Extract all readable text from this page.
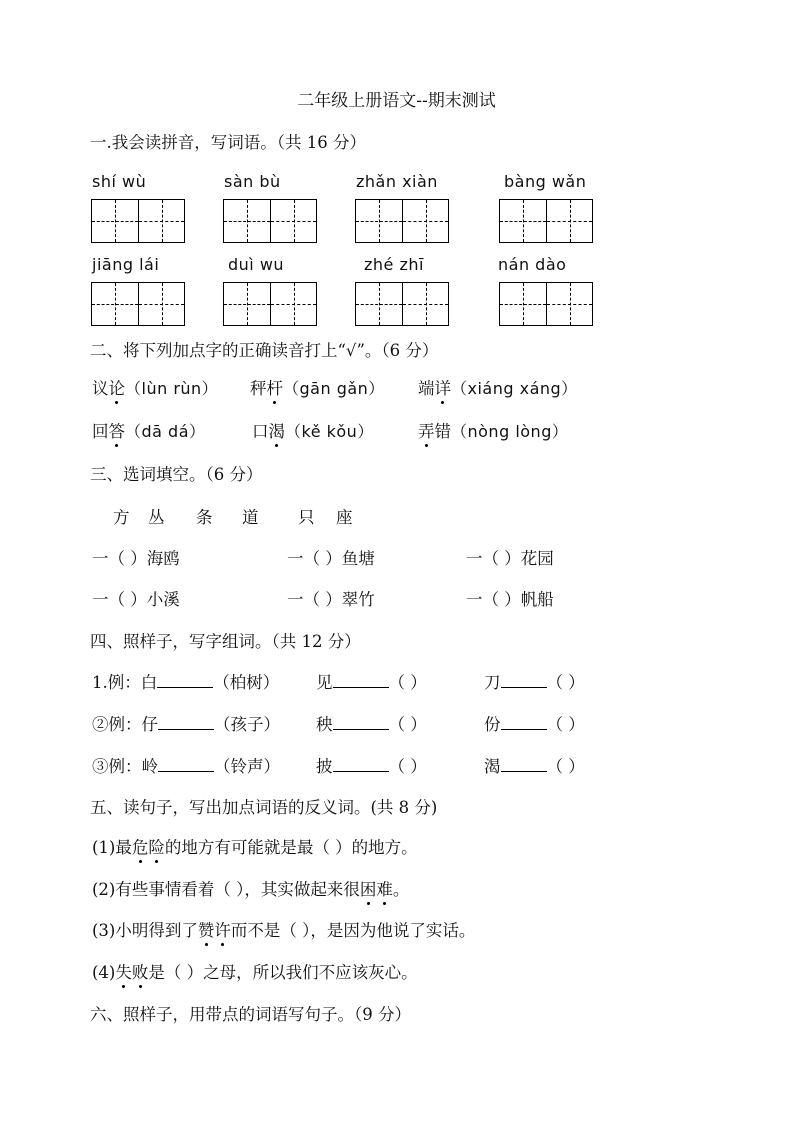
二年级上册语文--期末测试
一.我会读拼音，写词语。（共 16 分）
shí wù	sàn bù	zhǎn xiàn	bàng wǎn
jiāng lái	duì wu	zhé zhī	nán dào
二、将下列加点字的正确读音打上“√”。（6 分）
议论（lùn rùn） 秤杆（gān gǎn） 端详（xiáng xáng）
回答（dā dá）	口渴（kě kǒu）	弄错（nòng lòng）
三、选词填空。（6 分）
方 丛 条 道 只 座
一（ ）海鸥	一（ ）鱼塘	一（ ）花园
一（ ）小溪	一（ ）翠竹	一（ ）帆船
四、照样子，写字组词。（共 12 分）
1.例：白	（柏树） 见	（ ）	刀	（ ）
②例：仔	（孩子） 秧	（ ）	份	（ ）
③例：岭	（铃声） 披	（ ）	渴	（ ）
五、读句子，写出加点词语的反义词。(共 8 分)
(1)最危险的地方有可能就是最（ ）的地方。
(2)有些事情看着（ ），其实做起来很困难。
(3)小明得到了赞许而不是（ ），是因为他说了实话。
(4)失败是（ ）之母，所以我们不应该灰心。
六、照样子，用带点的词语写句子。（9 分）
